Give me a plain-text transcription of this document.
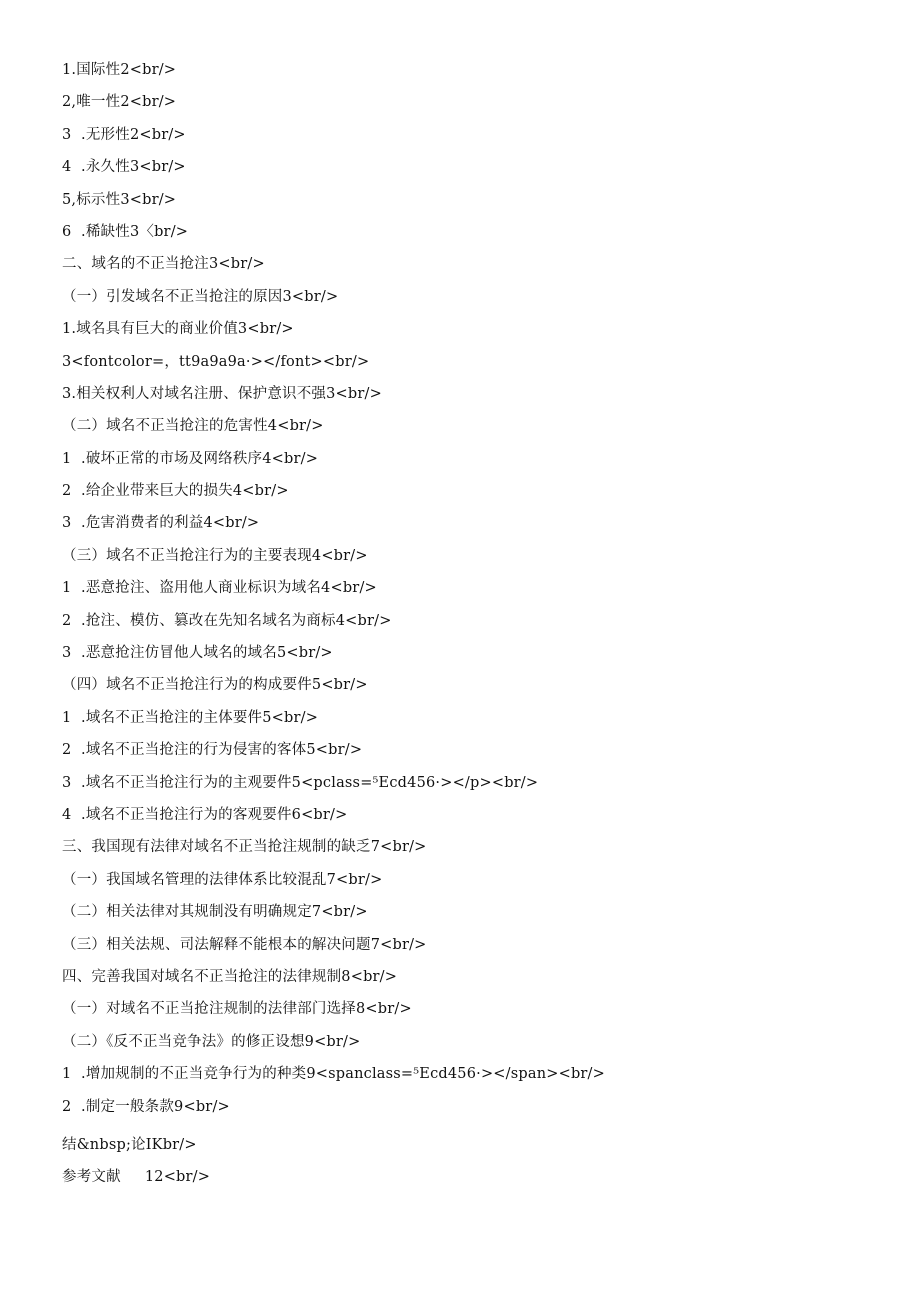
1.国际性2<br/>
2,唯一性2<br/>
3  .无形性2<br/>
4  .永久性3<br/>
5,标示性3<br/>
6  .稀缺性3〈br/>
二、域名的不正当抢注3<br/>
（一）引发域名不正当抢注的原因3<br/>
1.域名具有巨大的商业价值3<br/>
3<fontcolor=，tt9a9a9a·></font><br/>
3.相关权利人对域名注册、保护意识不强3<br/>
（二）域名不正当抢注的危害性4<br/>
1  .破坏正常的市场及网络秩序4<br/>
2  .给企业带来巨大的损失4<br/>
3  .危害消费者的利益4<br/>
（三）域名不正当抢注行为的主要表现4<br/>
1  .恶意抢注、盗用他人商业标识为域名4<br/>
2  .抢注、模仿、篡改在先知名域名为商标4<br/>
3  .恶意抢注仿冒他人域名的域名5<br/>
（四）域名不正当抢注行为的构成要件5<br/>
1  .域名不正当抢注的主体要件5<br/>
2  .域名不正当抢注的行为侵害的客体5<br/>
3  .域名不正当抢注行为的主观要件5<pclass=⁵Ecd456·></p><br/>
4  .域名不正当抢注行为的客观要件6<br/>
三、我国现有法律对域名不正当抢注规制的缺乏7<br/>
（一）我国域名管理的法律体系比较混乱7<br/>
（二）相关法律对其规制没有明确规定7<br/>
（三）相关法规、司法解释不能根本的解决问题7<br/>
四、完善我国对域名不正当抢注的法律规制8<br/>
（一）对域名不正当抢注规制的法律部门选择8<br/>
（二）《反不正当竞争法》的修正设想9<br/>
1  .增加规制的不正当竞争行为的种类9<spanclass=⁵Ecd456·></span><br/>
2  .制定一般条款9<br/>
结&nbsp;论IKbr/>
参考文献     12<br/>
